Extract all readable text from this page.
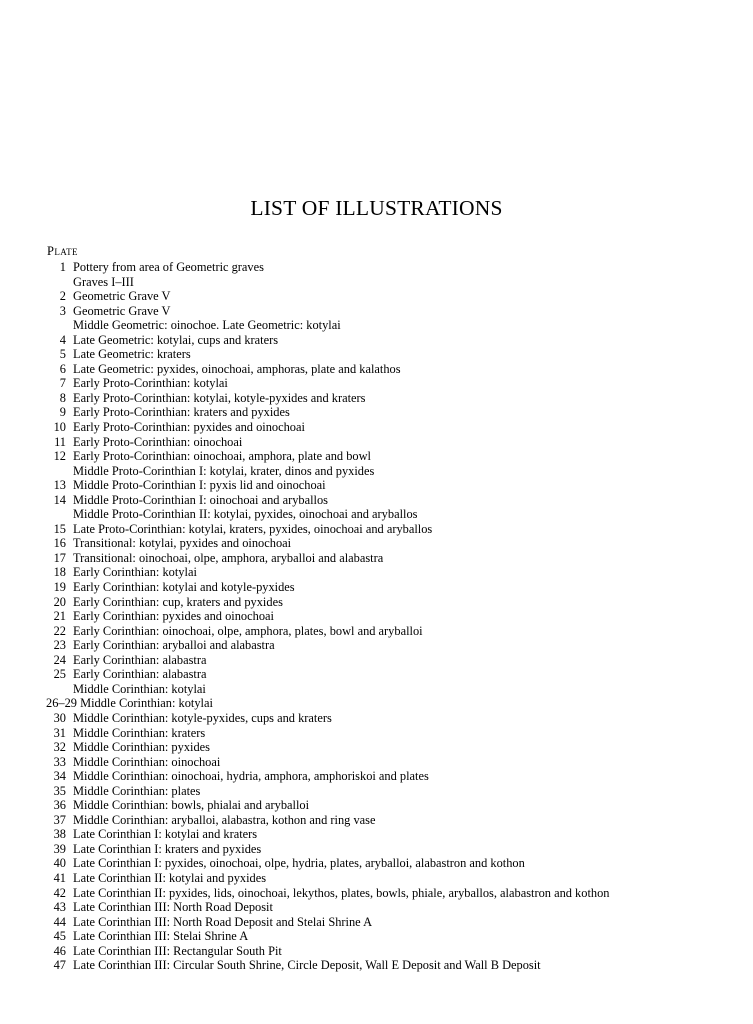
LIST OF ILLUSTRATIONS
Plate
1 Pottery from area of Geometric graves
Graves I–III
2 Geometric Grave V
3 Geometric Grave V
Middle Geometric: oinochoe. Late Geometric: kotylai
4 Late Geometric: kotylai, cups and kraters
5 Late Geometric: kraters
6 Late Geometric: pyxides, oinochoai, amphoras, plate and kalathos
7 Early Proto-Corinthian: kotylai
8 Early Proto-Corinthian: kotylai, kotyle-pyxides and kraters
9 Early Proto-Corinthian: kraters and pyxides
10 Early Proto-Corinthian: pyxides and oinochoai
11 Early Proto-Corinthian: oinochoai
12 Early Proto-Corinthian: oinochoai, amphora, plate and bowl
Middle Proto-Corinthian I: kotylai, krater, dinos and pyxides
13 Middle Proto-Corinthian I: pyxis lid and oinochoai
14 Middle Proto-Corinthian I: oinochoai and aryballos
Middle Proto-Corinthian II: kotylai, pyxides, oinochoai and aryballos
15 Late Proto-Corinthian: kotylai, kraters, pyxides, oinochoai and aryballos
16 Transitional: kotylai, pyxides and oinochoai
17 Transitional: oinochoai, olpe, amphora, aryballoi and alabastra
18 Early Corinthian: kotylai
19 Early Corinthian: kotylai and kotyle-pyxides
20 Early Corinthian: cup, kraters and pyxides
21 Early Corinthian: pyxides and oinochoai
22 Early Corinthian: oinochoai, olpe, amphora, plates, bowl and aryballoi
23 Early Corinthian: aryballoi and alabastra
24 Early Corinthian: alabastra
25 Early Corinthian: alabastra
Middle Corinthian: kotylai
26–29 Middle Corinthian: kotylai
30 Middle Corinthian: kotyle-pyxides, cups and kraters
31 Middle Corinthian: kraters
32 Middle Corinthian: pyxides
33 Middle Corinthian: oinochoai
34 Middle Corinthian: oinochoai, hydria, amphora, amphoriskoi and plates
35 Middle Corinthian: plates
36 Middle Corinthian: bowls, phialai and aryballoi
37 Middle Corinthian: aryballoi, alabastra, kothon and ring vase
38 Late Corinthian I: kotylai and kraters
39 Late Corinthian I: kraters and pyxides
40 Late Corinthian I: pyxides, oinochoai, olpe, hydria, plates, aryballoi, alabastron and kothon
41 Late Corinthian II: kotylai and pyxides
42 Late Corinthian II: pyxides, lids, oinochoai, lekythos, plates, bowls, phiale, aryballos, alabastron and kothon
43 Late Corinthian III: North Road Deposit
44 Late Corinthian III: North Road Deposit and Stelai Shrine A
45 Late Corinthian III: Stelai Shrine A
46 Late Corinthian III: Rectangular South Pit
47 Late Corinthian III: Circular South Shrine, Circle Deposit, Wall E Deposit and Wall B Deposit
